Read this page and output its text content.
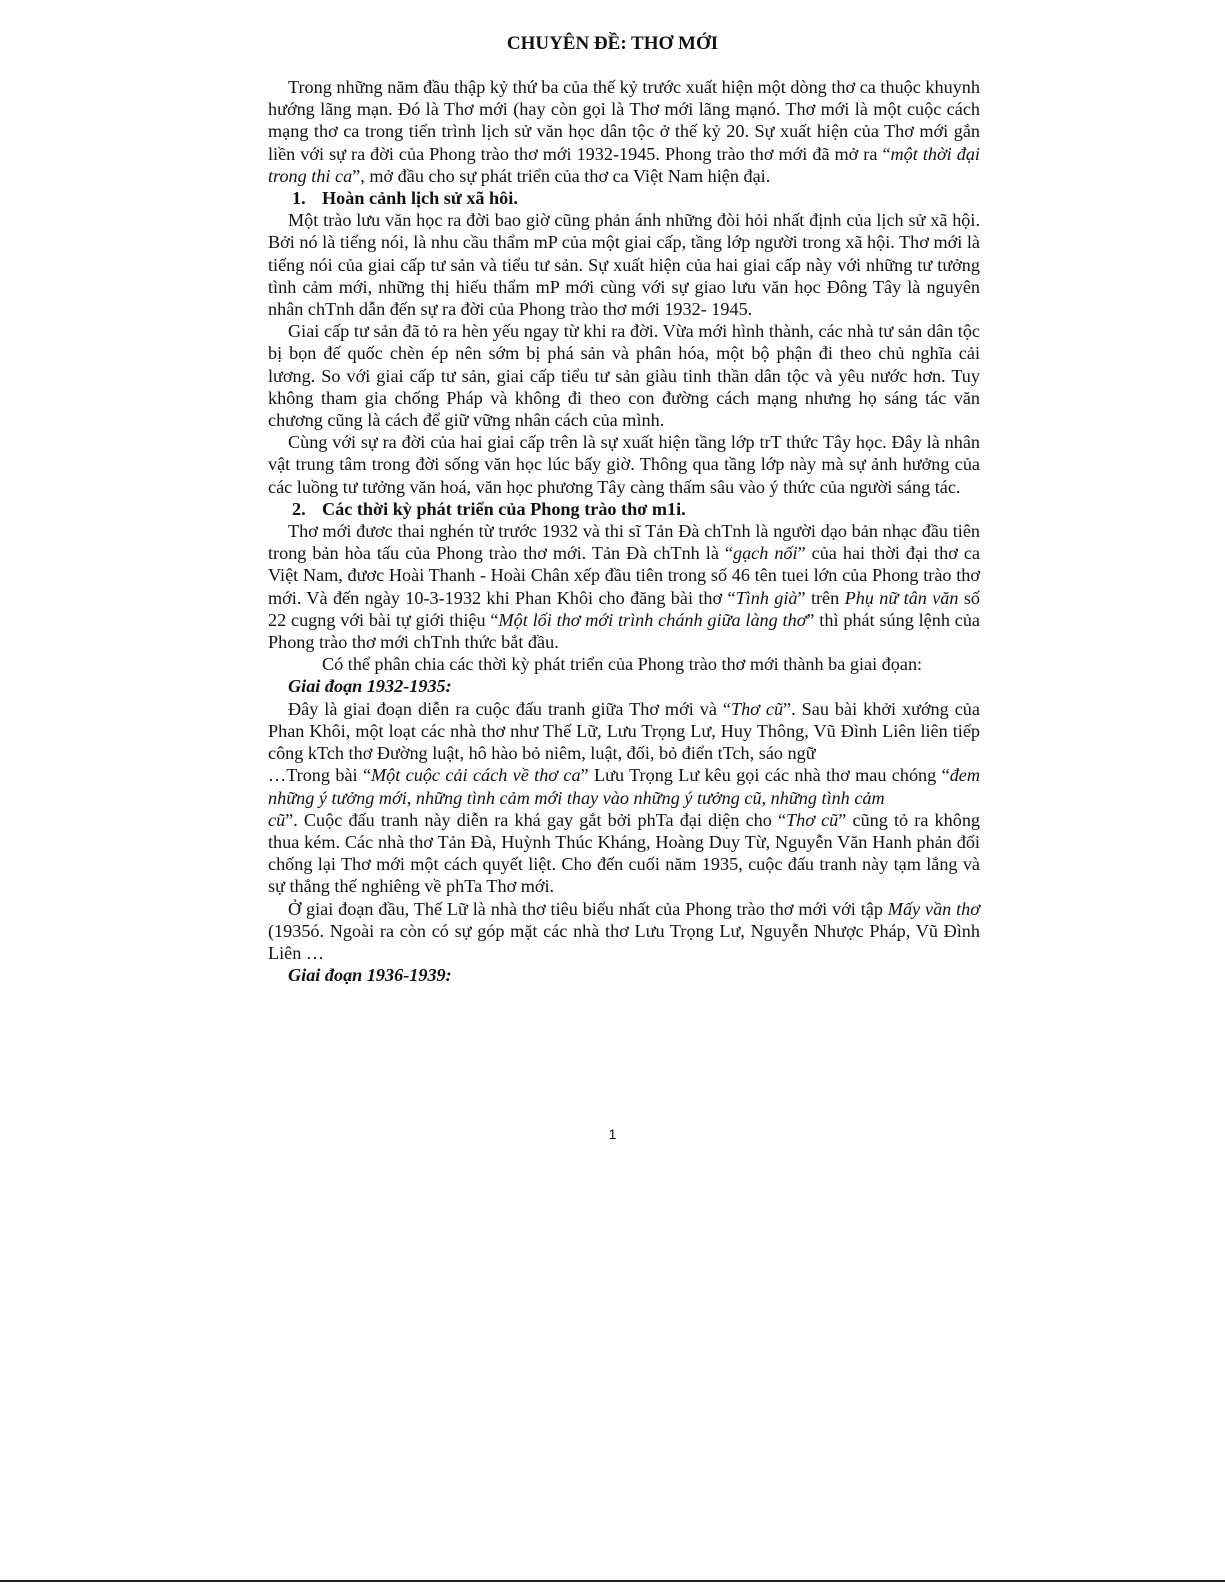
CHUYÊN ĐỀ: THƠ MỚI

Trong những năm đầu thập kỷ thứ ba của thế kỷ trước xuất hiện một dòng thơ ca thuộc khuynh hướng lãng mạn. Đó là Thơ mới (hay còn gọi là Thơ mới lãng mạnó. Thơ mới là một cuộc cách mạng thơ ca trong tiến trình lịch sử văn học dân tộc ở thế kỷ 20. Sự xuất hiện của Thơ mới gắn liền với sự ra đời của Phong trào thơ mới 1932-1945. Phong trào thơ mới đã mở ra “một thời đại trong thi ca”, mở đầu cho sự phát triển của thơ ca Việt Nam hiện đại.

1. Hoàn cảnh lịch sử xã hôi.

Một trào lưu văn học ra đời bao giờ cũng phản ánh những đòi hỏi nhất định của lịch sử xã hội. Bởi nó là tiếng nói, là nhu cầu thẩm mP của một giai cấp, tầng lớp người trong xã hội. Thơ mới là tiếng nói của giai cấp tư sản và tiểu tư sản. Sự xuất hiện của hai giai cấp này với những tư tưởng tình cảm mới, những thị hiếu thẩm mP mới cùng với sự giao lưu văn học Đông Tây là nguyên nhân chTnh dẫn đến sự ra đời của Phong trào thơ mới 1932- 1945.

Giai cấp tư sản đã tỏ ra hèn yếu ngay từ khi ra đời. Vừa mới hình thành, các nhà tư sản dân tộc bị bọn đế quốc chèn ép nên sớm bị phá sản và phân hóa, một bộ phận đi theo chủ nghĩa cải lương. So với giai cấp tư sản, giai cấp tiểu tư sản giàu tinh thần dân tộc và yêu nước hơn. Tuy không tham gia chống Pháp và không đi theo con đường cách mạng nhưng họ sáng tác văn chương cũng là cách để giữ vững nhân cách của mình.

Cùng với sự ra đời của hai giai cấp trên là sự xuất hiện tầng lớp trT thức Tây học. Đây là nhân vật trung tâm trong đời sống văn học lúc bấy giờ. Thông qua tầng lớp này mà sự ảnh hưởng của các luồng tư tưởng văn hoá, văn học phương Tây càng thấm sâu vào ý thức của người sáng tác.

2. Các thời kỳ phát triển của Phong trào thơ m1i.

Thơ mới đươc thai nghén từ trước 1932 và thi sĩ Tản Đà chTnh là người dạo bản nhạc đầu tiên trong bản hòa tấu của Phong trào thơ mới. Tản Đà chTnh là “gạch nối” của hai thời đại thơ ca Việt Nam, đươc Hoài Thanh - Hoài Chân xếp đầu tiên trong số 46 tên tuei lớn của Phong trào thơ mới. Và đến ngày 10-3-1932 khi Phan Khôi cho đăng bài thơ “Tình già” trên Phụ nữ tân văn số 22 cugng với bài tự giới thiệu “Một lối thơ mới trình chánh giữa làng thơ” thì phát súng lệnh của Phong trào thơ mới chTnh thức bắt đầu.

Có thể phân chia các thời kỳ phát triển của Phong trào thơ mới thành ba giai đọan:

Giai đoạn 1932-1935:

Đây là giai đoạn diễn ra cuộc đấu tranh giữa Thơ mới và “Thơ cũ”. Sau bài khởi xướng của Phan Khôi, một loạt các nhà thơ như Thế Lữ, Lưu Trọng Lư, Huy Thông, Vũ Đình Liên liên tiếp công kTch thơ Đường luật, hô hào bỏ niêm, luật, đối, bỏ điển tTch, sáo ngữ

…Trong bài “Một cuộc cải cách về thơ ca” Lưu Trọng Lư kêu gọi các nhà thơ mau chóng “đem những ý tưởng mới, những tình cảm mới thay vào những ý tưởng cũ, những tình cảm

cũ”. Cuộc đấu tranh này diễn ra khá gay gắt bởi phTa đại diện cho “Thơ cũ” cũng tỏ ra không thua kém. Các nhà thơ Tản Đà, Huỳnh Thúc Kháng, Hoàng Duy Từ, Nguyễn Văn Hanh phản đối chống lại Thơ mới một cách quyết liệt. Cho đến cuối năm 1935, cuộc đấu tranh này tạm lắng và sự thắng thế nghiêng về phTa Thơ mới.

Ở giai đoạn đầu, Thế Lữ là nhà thơ tiêu biểu nhất của Phong trào thơ mới với tập Mấy vần thơ (1935ó. Ngoài ra còn có sự góp mặt các nhà thơ Lưu Trọng Lư, Nguyễn Nhược Pháp, Vũ Đình Liên …

Giai đoạn 1936-1939:
1
